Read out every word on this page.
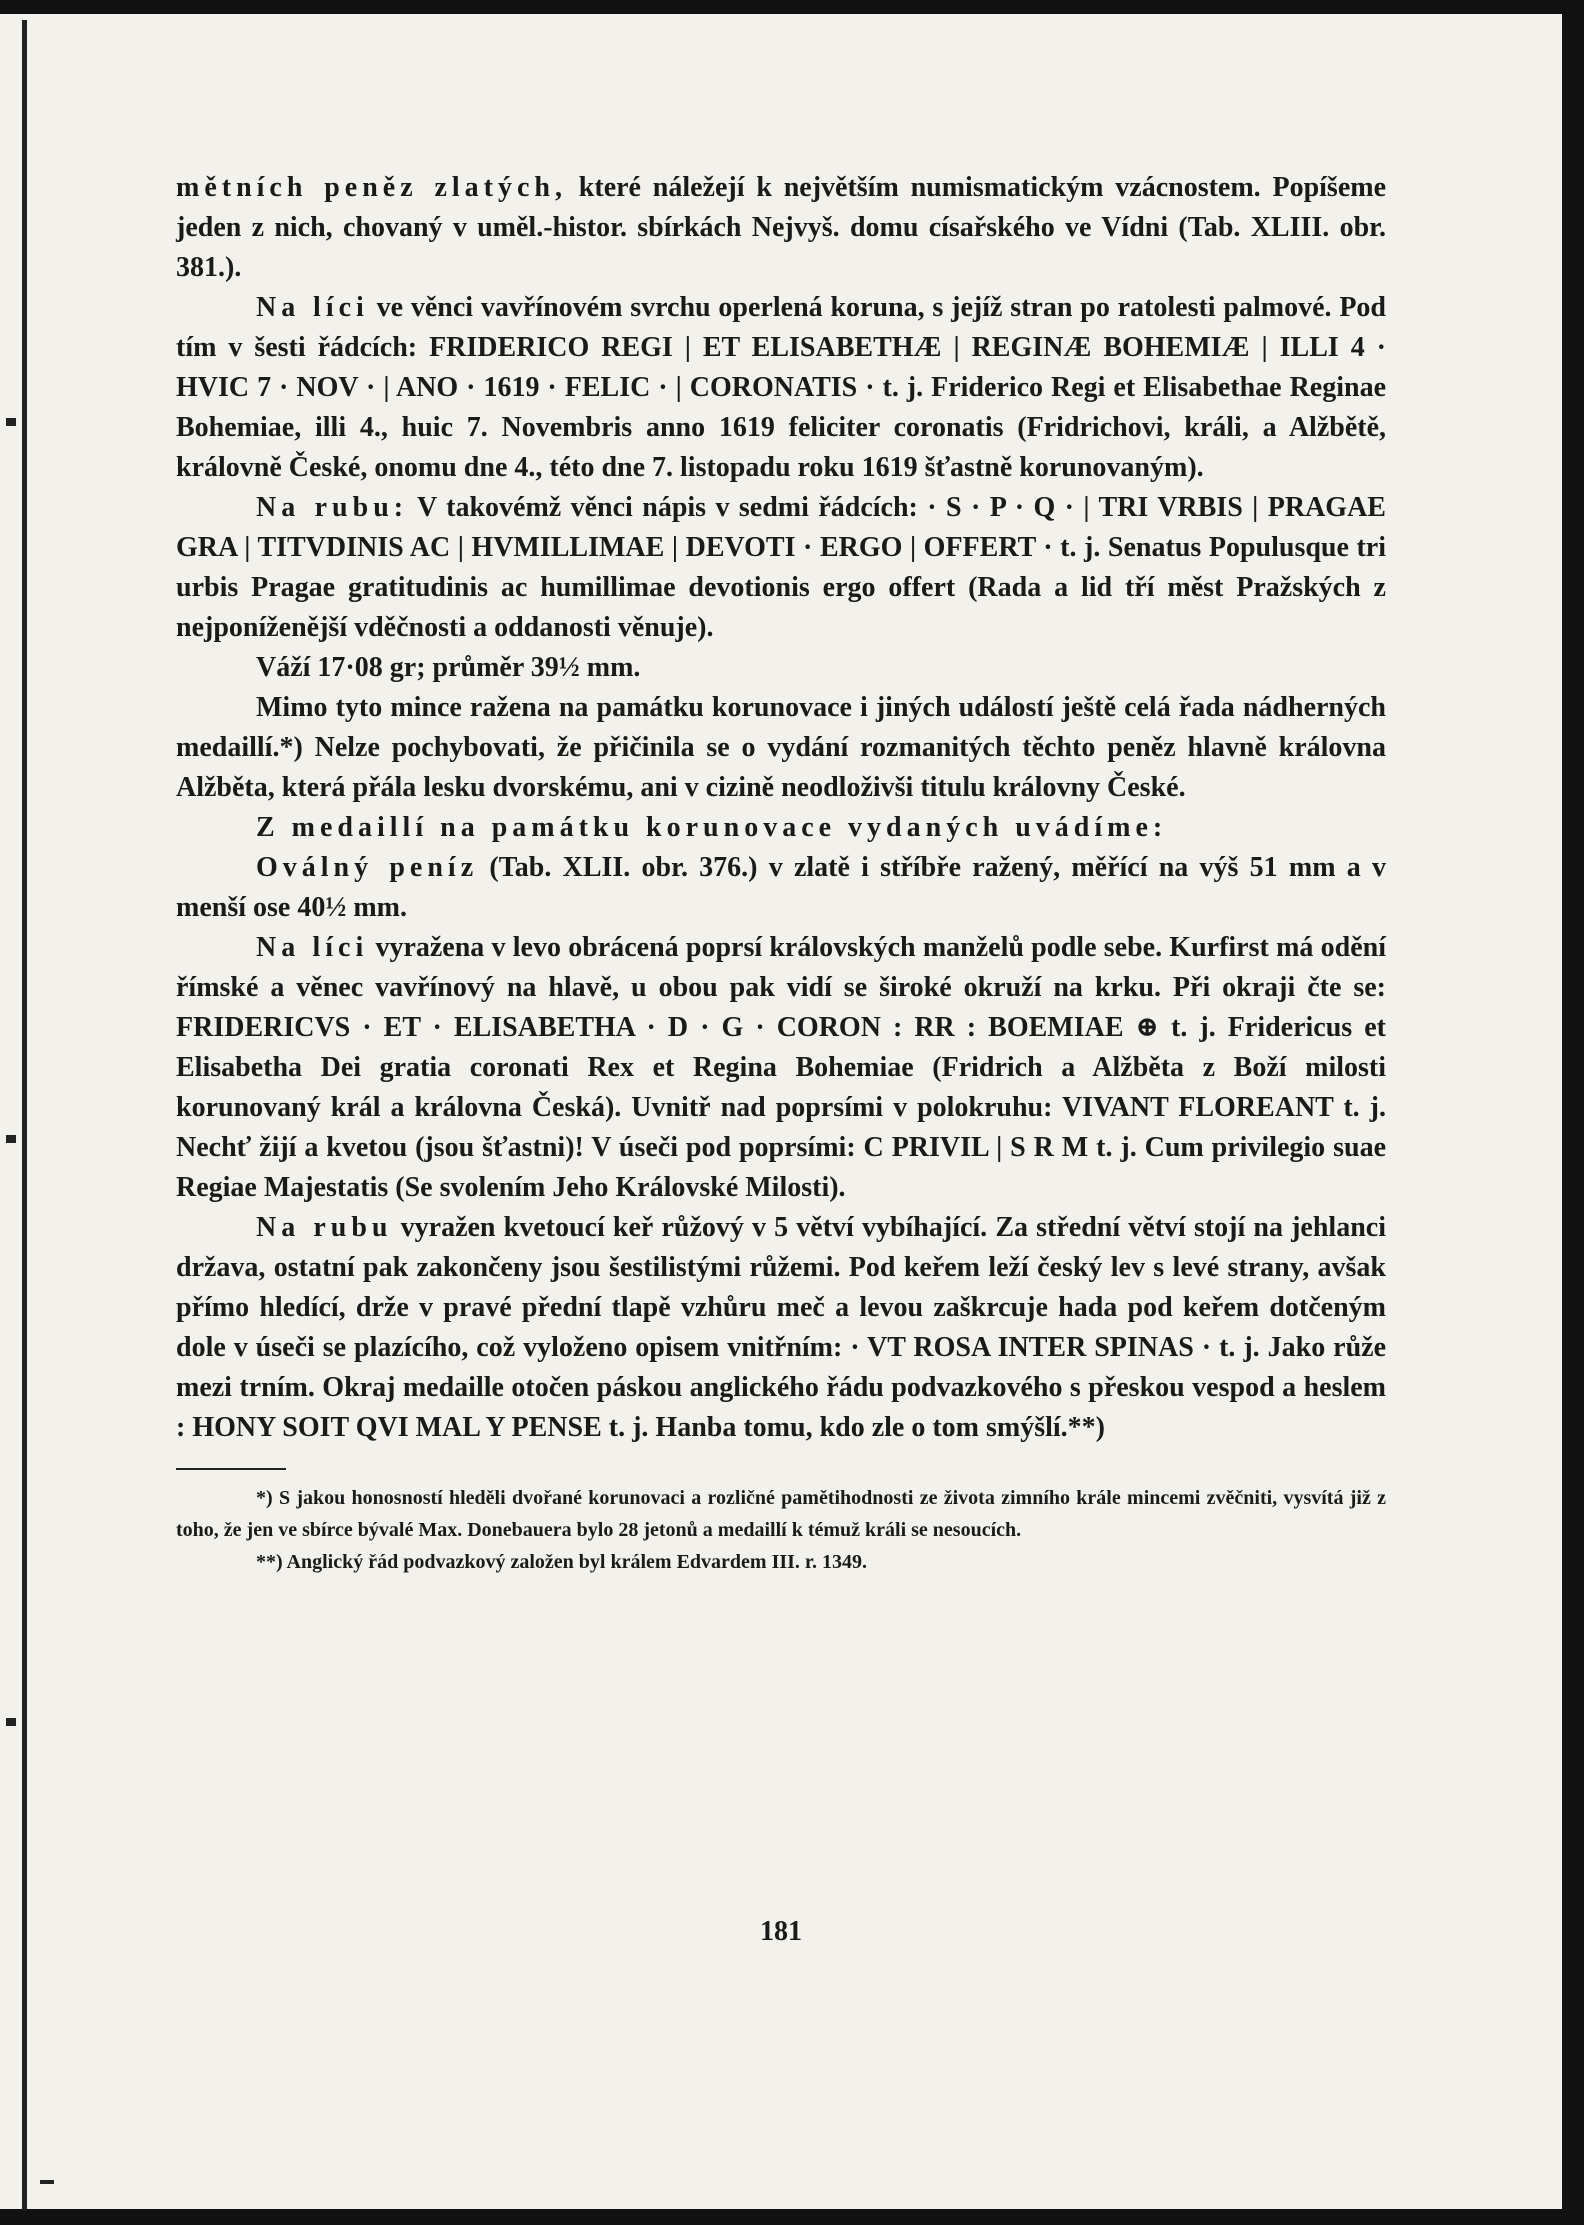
mětních peněz zlatých, které náležejí k největším numismatickým vzácnostem. Popíšeme jeden z nich, chovaný v uměl.-histor. sbírkách Nejvyš. domu císařského ve Vídni (Tab. XLIII. obr. 381.).

Na líci ve věnci vavřínovém svrchu operlená koruna, s jejíž stran po ratolesti palmové. Pod tím v šesti řádcích: FRIDERICO REGI | ET ELISABETHÆ | REGINÆ BOHEMIÆ | ILLI 4 · HVIC 7 · NOV · | ANO · 1619 · FELIC · | CORONATIS · t. j. Friderico Regi et Elisabethae Reginae Bohemiae, illi 4., huic 7. Novembris anno 1619 feliciter coronatis (Fridrichovi, králi, a Alžbětě, královně České, onomu dne 4., této dne 7. listopadu roku 1619 šťastně korunovaným).

Na rubu: V takovémž věnci nápis v sedmi řádcích: · S · P · Q · | TRI VRBIS | PRAGAE GRA | TITVDINIS AC | HVMILLIMAE | DEVOTI · ERGO | OFFERT · t. j. Senatus Populusque tri urbis Pragae gratitudinis ac humillimae devotionis ergo offert (Rada a lid tří měst Pražských z nejponíženější vděčnosti a oddanosti věnuje).

Váží 17·08 gr; průměr 39½ mm.

Mimo tyto mince ražena na památku korunovace i jiných událostí ještě celá řada nádherných medaillí.*) Nelze pochybovati, že přičinila se o vydání rozmanitých těchto peněz hlavně královna Alžběta, která přála lesku dvorskému, ani v cizině neodloživši titulu královny České.

Z medaillí na památku korunovace vydaných uvádíme:

Oválný peníz (Tab. XLII. obr. 376.) v zlatě i stříbře ražený, měřící na výš 51 mm a v menší ose 40½ mm.

Na líci vyražena v levo obrácená poprsí královských manželů podle sebe. Kurfirst má odění římské a věnec vavřínový na hlavě, u obou pak vidí se široké okruží na krku. Při okraji čte se: FRIDERICVS · ET · ELISABETHA · D · G · CORON : RR : BOEMIAE ⊕ t. j. Fridericus et Elisabetha Dei gratia coronati Rex et Regina Bohemiae (Fridrich a Alžběta z Boží milosti korunovaný král a královna Česká). Uvnitř nad poprsími v polokruhu: VIVANT FLOREANT t. j. Nechť žijí a kvetou (jsou šťastni)! V úseči pod poprsími: C PRIVIL | S R M t. j. Cum privilegio suae Regiae Majestatis (Se svolením Jeho Královské Milosti).

Na rubu vyražen kvetoucí keř růžový v 5 větví vybíhající. Za střední větví stojí na jehlanci država, ostatní pak zakončeny jsou šestilistými růžemi. Pod keřem leží český lev s levé strany, avšak přímo hledící, drže v pravé přední tlapě vzhůru meč a levou zaškrcuje hada pod keřem dotčeným dole v úseči se plazícího, což vyloženo opisem vnitřním: · VT ROSA INTER SPINAS · t. j. Jako růže mezi trním. Okraj medaille otočen páskou anglického řádu podvazkového s přeskou vespod a heslem : HONY SOIT QVI MAL Y PENSE t. j. Hanba tomu, kdo zle o tom smýšlí.**)

*) S jakou honosností hleděli dvořané korunovaci a rozličné pamětihodnosti ze života zimního krále mincemi zvěčniti, vysvítá již z toho, že jen ve sbírce bývalé Max. Donebauera bylo 28 jetonů a medaillí k témuž králi se nesoucích.

**) Anglický řád podvazkový založen byl králem Edvardem III. r. 1349.

181
